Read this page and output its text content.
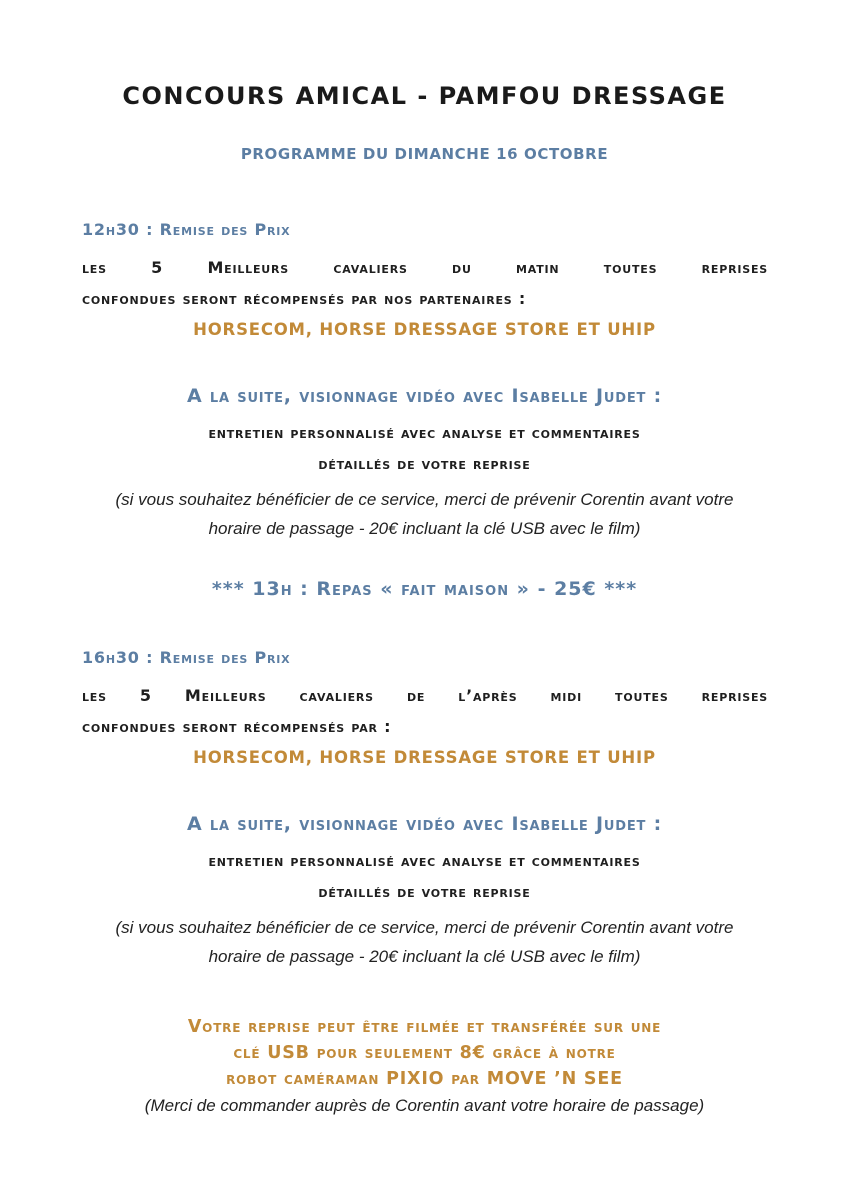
CONCOURS AMICAL - PAMFOU DRESSAGE
PROGRAMME DU DIMANCHE 16 OCTOBRE
12h30 : Remise des Prix
les 5 Meilleurs cavaliers du matin toutes reprises
confondues seront récompensés par nos partenaires :
HORSECOM, HORSE DRESSAGE STORE ET UHIP
A la suite, visionnage vidéo avec Isabelle Judet :
entretien personnalisé avec analyse et commentaires
détaillés de votre reprise
(si vous souhaitez bénéficier de ce service, merci de prévenir Corentin avant votre
horaire de passage - 20€ incluant la clé USB avec le film)
*** 13h : Repas « fait maison » - 25€ ***
16h30 : Remise des Prix
les 5 Meilleurs cavaliers de l’après midi toutes reprises
confondues seront récompensés par :
HORSECOM, HORSE DRESSAGE STORE ET UHIP
A la suite, visionnage vidéo avec Isabelle Judet :
entretien personnalisé avec analyse et commentaires
détaillés de votre reprise
(si vous souhaitez bénéficier de ce service, merci de prévenir Corentin avant votre
horaire de passage - 20€ incluant la clé USB avec le film)
Votre reprise peut être filmée et transférée sur une
clé USB pour seulement 8€ grâce à notre
robot caméraman PIXIO par MOVE ’N SEE
(Merci de commander auprès de Corentin avant votre horaire de passage)
